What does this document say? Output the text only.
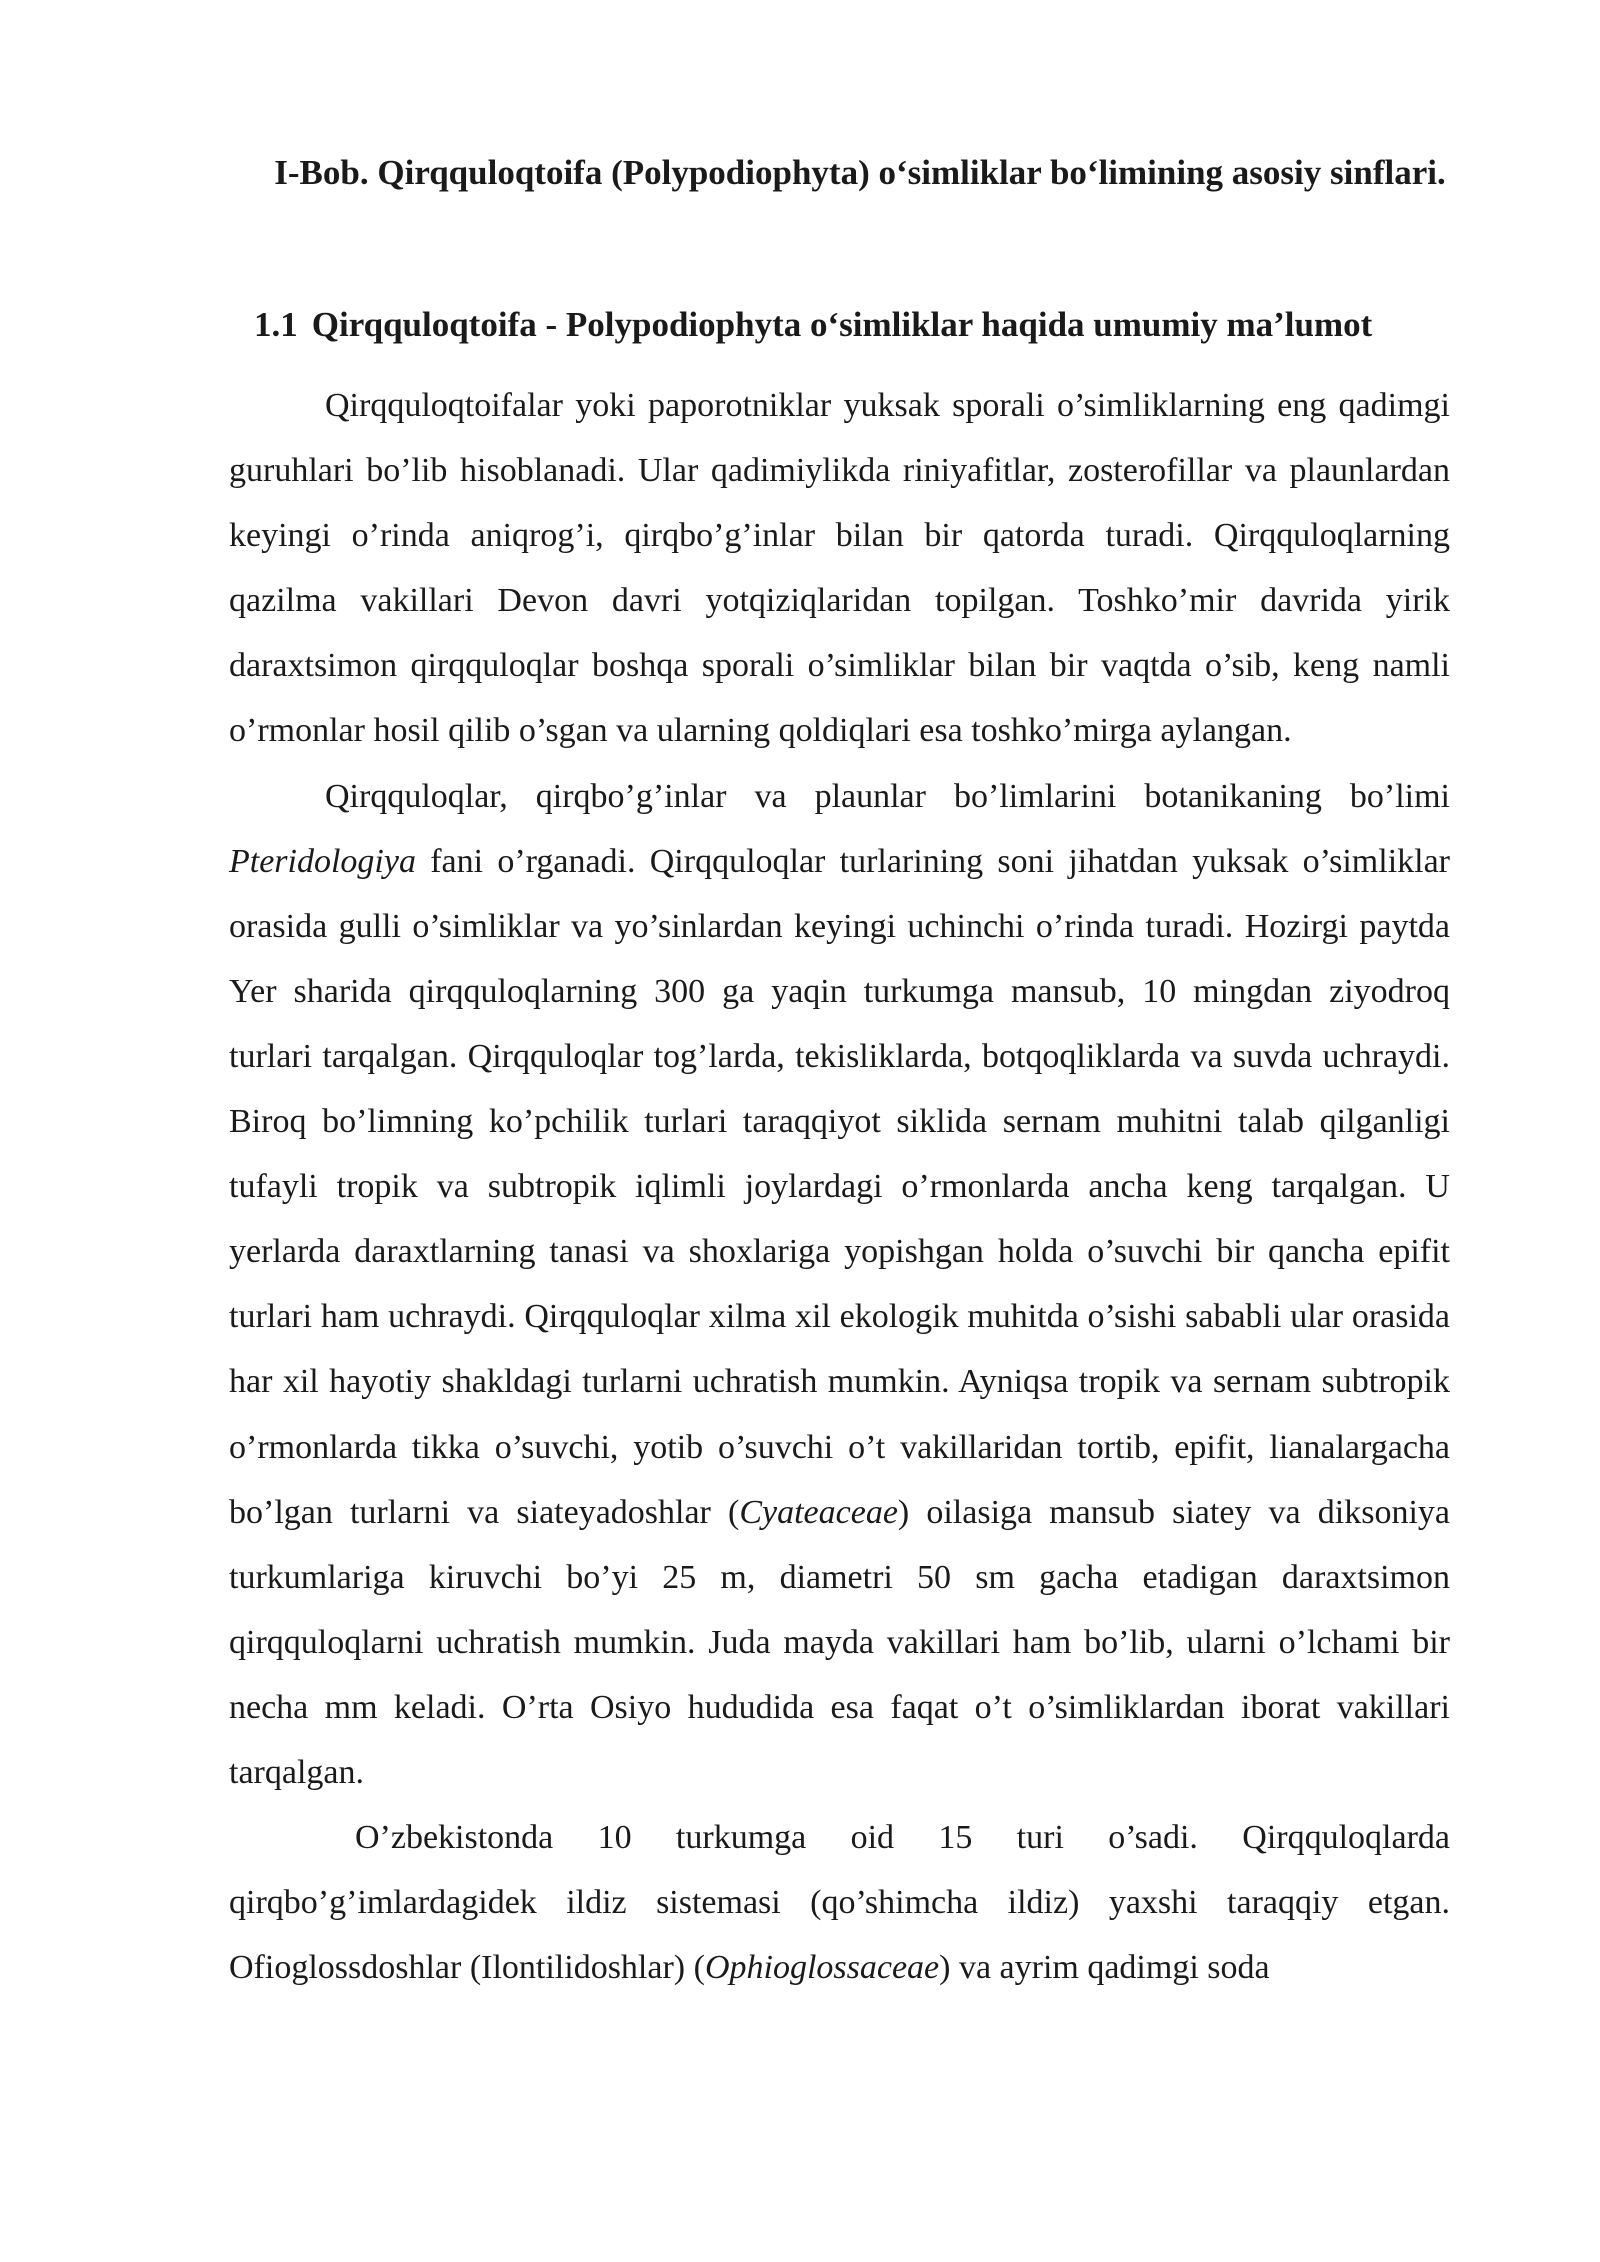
I-Bob. Qirqquloqtoifa (Polypodiophyta) o‘simliklar bo‘limining asosiy sinflari.
1.1 Qirqquloqtoifa - Polypodiophyta o‘simliklar haqida umumiy ma’lumot

Qirqquloqtoifalar yoki paporotniklar yuksak sporali o’simliklarning eng qadimgi guruhlari bo’lib hisoblanadi. Ular qadimiylikda riniyafitlar, zosterofillar va plaunlardan keyingi o’rinda aniqrog’i, qirqbo’g’inlar bilan bir qatorda turadi. Qirqquloqlarning qazilma vakillari Devon davri yotqiziqlaridan topilgan. Toshko’mir davrida yirik daraxtsimon qirqquloqlar boshqa sporali o’simliklar bilan bir vaqtda o’sib, keng namli o’rmonlar hosil qilib o’sgan va ularning qoldiqlari esa toshko’mirga aylangan.

Qirqquloqlar, qirqbo’g’inlar va plaunlar bo’limlarini botanikaning bo’limi Pteridologiya fani o’rganadi. Qirqquloqlar turlarining soni jihatdan yuksak o’simliklar orasida gulli o’simliklar va yo’sinlardan keyingi uchinchi o’rinda turadi. Hozirgi paytda Yer sharida qirqquloqlarning 300 ga yaqin turkumga mansub, 10 mingdan ziyodroq turlari tarqalgan. Qirqquloqlar tog’larda, tekisliklarda, botqoqliklarda va suvda uchraydi. Biroq bo’limning ko’pchilik turlari taraqqiyot siklida sernam muhitni talab qilganligi tufayli tropik va subtropik iqlimli joylardagi o’rmonlarda ancha keng tarqalgan. U yerlarda daraxtlarning tanasi va shoxlariga yopishgan holda o’suvchi bir qancha epifit turlari ham uchraydi. Qirqquloqlar xilma xil ekologik muhitda o’sishi sababli ular orasida har xil hayotiy shakldagi turlarni uchratish mumkin. Ayniqsa tropik va sernam subtropik o’rmonlarda tikka o’suvchi, yotib o’suvchi o’t vakillaridan tortib, epifit, lianalargacha bo’lgan turlarni va siateyadoshlar (Cyateaceae) oilasiga mansub siatey va diksoniya turkumlariga kiruvchi bo’yi 25 m, diametri 50 sm gacha etadigan daraxtsimon qirqquloqlarni uchratish mumkin. Juda mayda vakillari ham bo’lib, ularni o’lchami bir necha mm keladi. O’rta Osiyo hududida esa faqat o’t o’simliklardan iborat vakillari tarqalgan.

O’zbekistonda 10 turkumga oid 15 turi o’sadi. Qirqquloqlarda qirqbo’g’imlardagidek ildiz sistemasi (qo’shimcha ildiz) yaxshi taraqqiy etgan. Ofioglossdoshlar (Ilontilidoshlar) (Ophioglossaceae) va ayrim qadimgi soda
